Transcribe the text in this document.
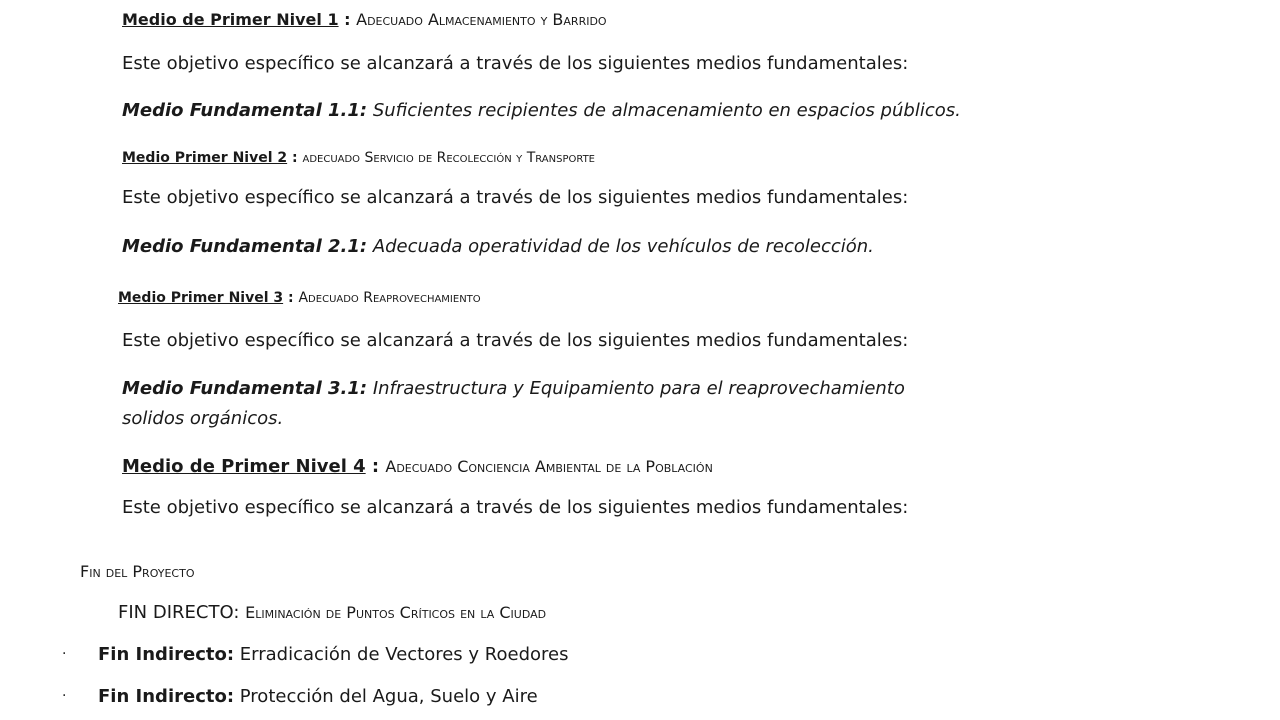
Medio de Primer Nivel 1 : Adecuado Almacenamiento y Barrido
Este objetivo específico se alcanzará a través de los siguientes medios fundamentales:
Medio Fundamental 1.1: Suficientes recipientes de almacenamiento en espacios públicos.
Medio Primer Nivel 2 : adecuado Servicio de Recolección y Transporte
Este objetivo específico se alcanzará a través de los siguientes medios fundamentales:
Medio Fundamental 2.1: Adecuada operatividad de los vehículos de recolección.
Medio Primer Nivel 3 : Adecuado Reaprovechamiento
Este objetivo específico se alcanzará a través de los siguientes medios fundamentales:
Medio Fundamental 3.1: Infraestructura y Equipamiento para el reaprovechamiento
solidos orgánicos.
Medio de Primer Nivel 4 : Adecuado Conciencia Ambiental de la Población
Este objetivo específico se alcanzará a través de los siguientes medios fundamentales:
Fin del Proyecto
FIN DIRECTO: Eliminación de Puntos Críticos en la Ciudad
· Fin Indirecto: Erradicación de Vectores y Roedores
· Fin Indirecto: Protección del Agua, Suelo y Aire
